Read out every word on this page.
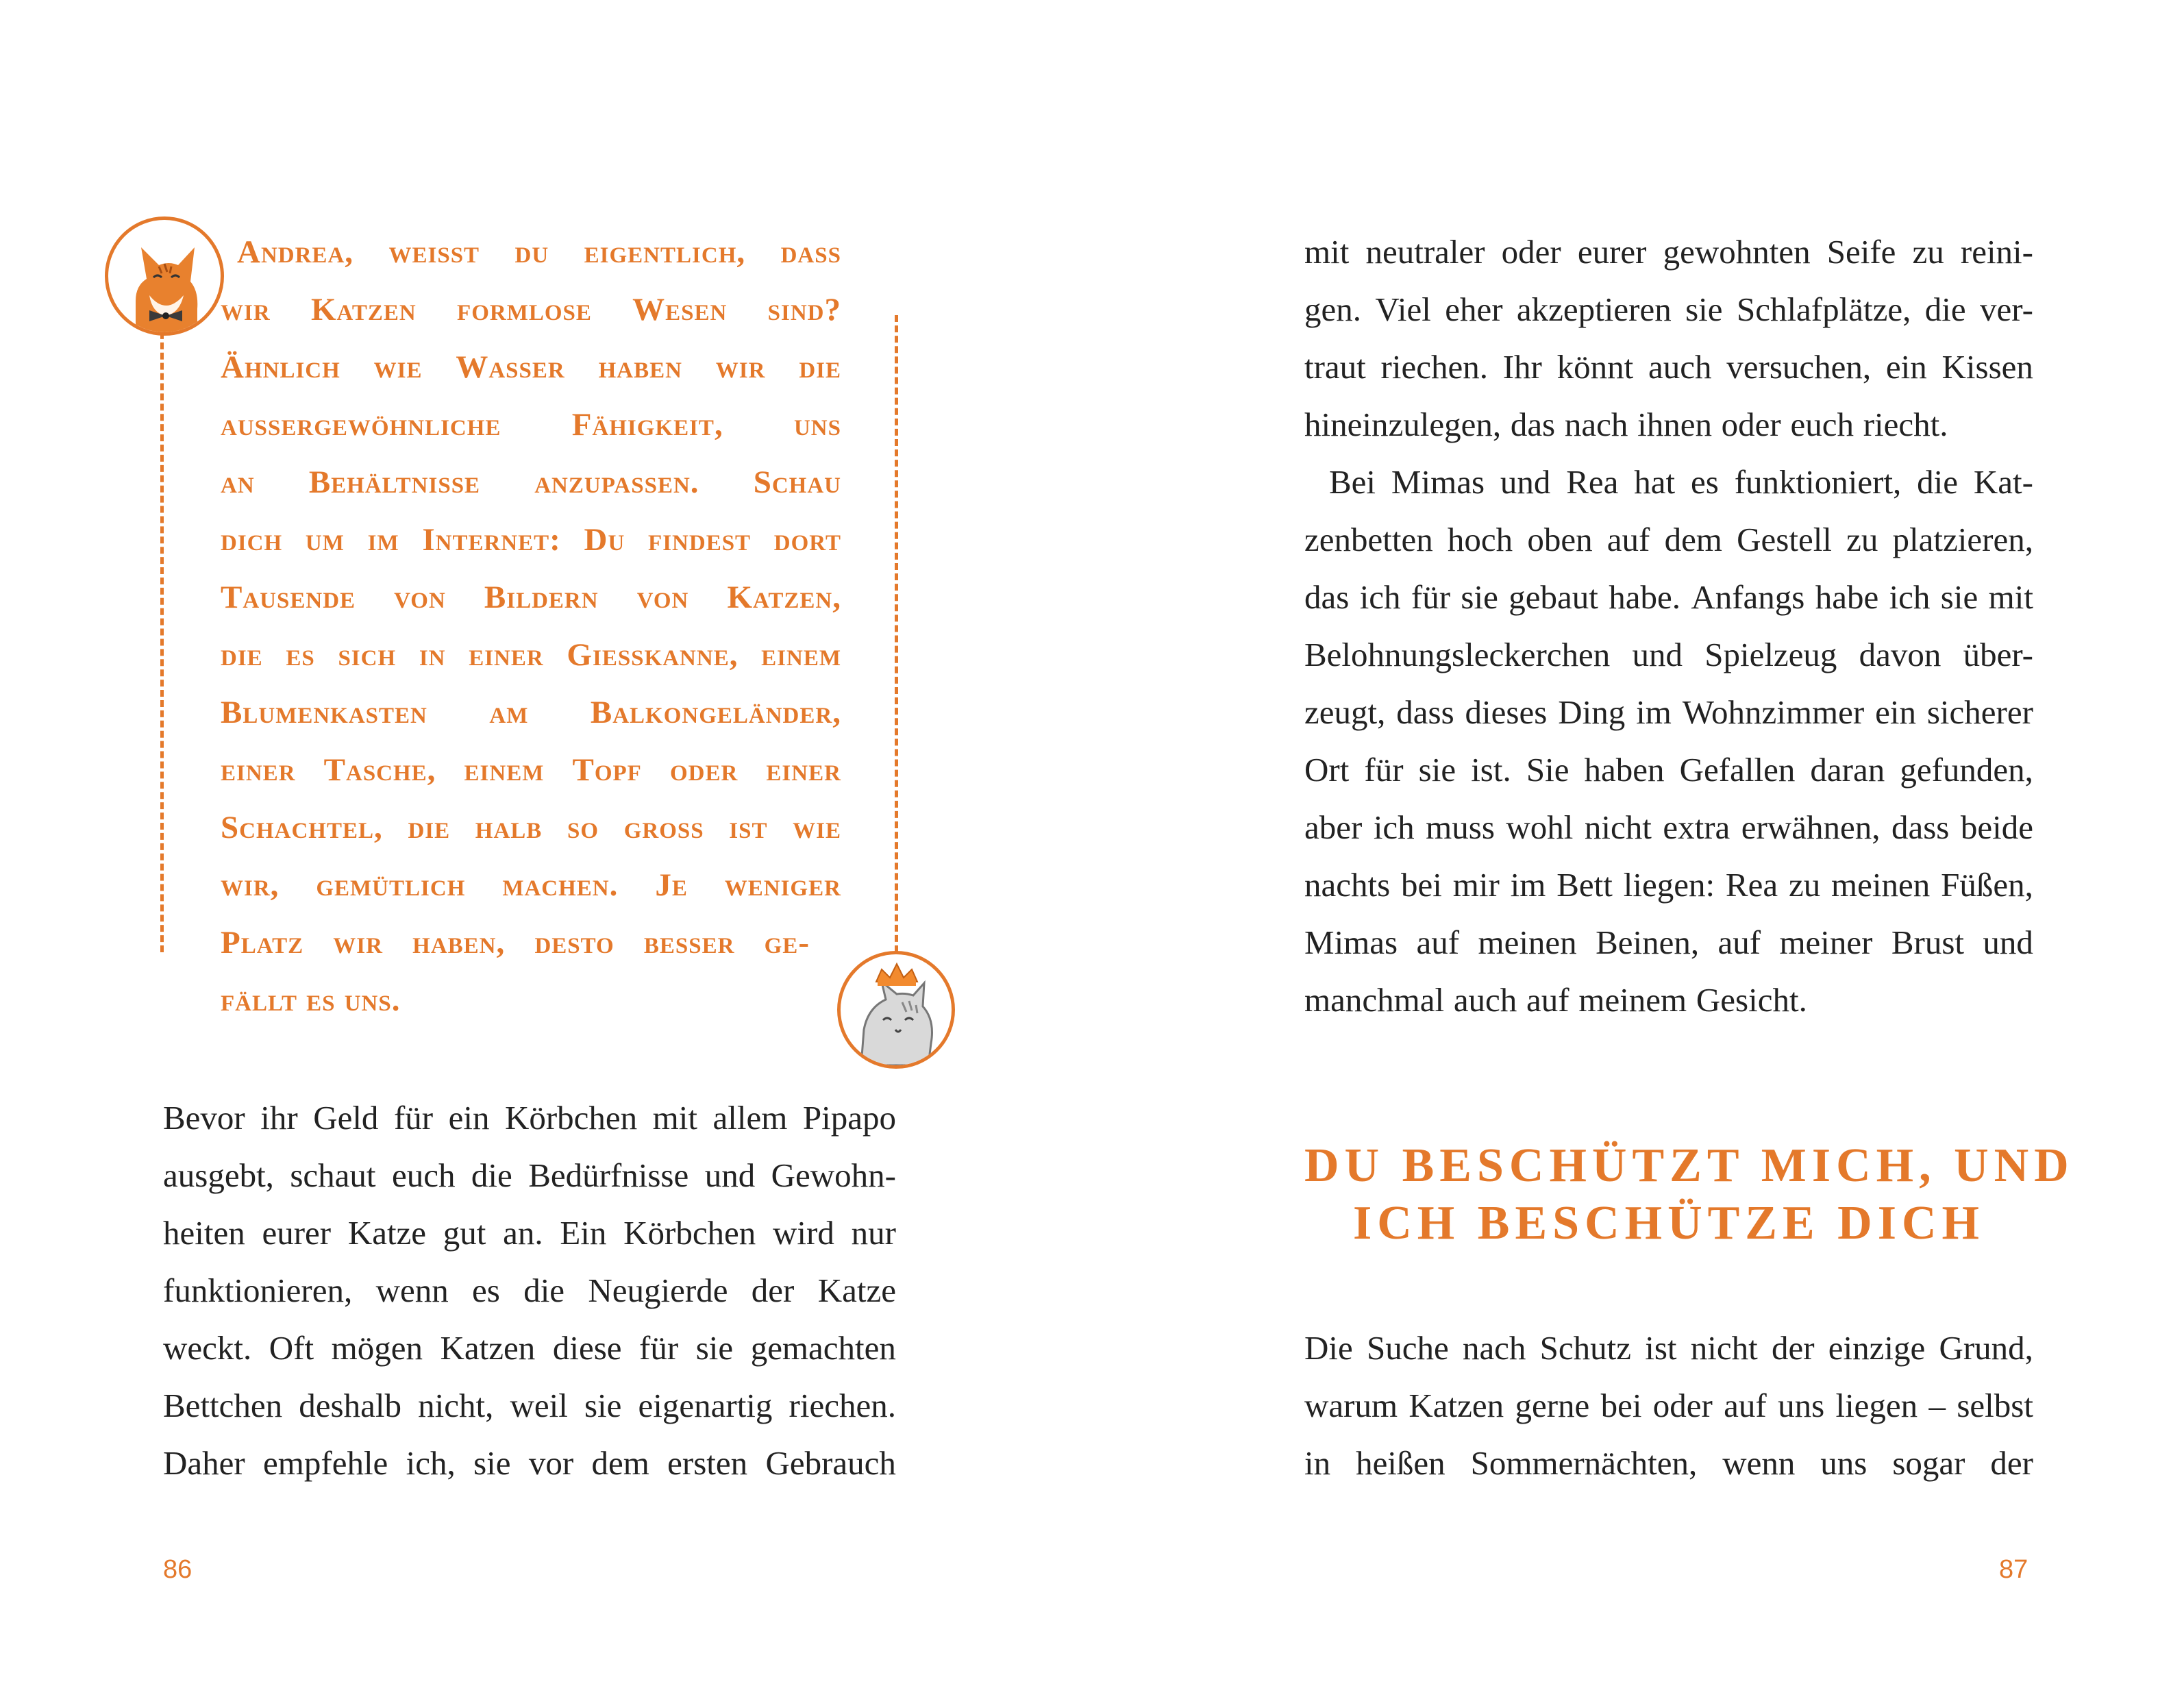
Andrea, weisst du eigentlich, dass
wir Katzen formlose Wesen sind?
Ähnlich wie Wasser haben wir die
aussergewöhnliche Fähigkeit, uns
an Behältnisse anzupassen. Schau
dich um im Internet: Du findest dort
Tausende von Bildern von Katzen,
die es sich in einer Giesskanne, einem
Blumenkasten am Balkongeländer,
einer Tasche, einem Topf oder einer
Schachtel, die halb so gross ist wie
wir, gemütlich machen. Je weniger
Platz wir haben, desto besser ge-
fällt es uns.
Bevor ihr Geld für ein Körbchen mit allem Pipapo
ausgebt, schaut euch die Bedürfnisse und Gewohn-
heiten eurer Katze gut an. Ein Körbchen wird nur
funktionieren, wenn es die Neugierde der Katze
weckt. Oft mögen Katzen diese für sie gemachten
Bettchen deshalb nicht, weil sie eigenartig riechen.
Daher empfehle ich, sie vor dem ersten Gebrauch
86
mit neutraler oder eurer gewohnten Seife zu reini-
gen. Viel eher akzeptieren sie Schlafplätze, die ver-
traut riechen. Ihr könnt auch versuchen, ein Kissen
hineinzulegen, das nach ihnen oder euch riecht.
Bei Mimas und Rea hat es funktioniert, die Kat-
zenbetten hoch oben auf dem Gestell zu platzieren,
das ich für sie gebaut habe. Anfangs habe ich sie mit
Belohnungsleckerchen und Spielzeug davon über-
zeugt, dass dieses Ding im Wohnzimmer ein sicherer
Ort für sie ist. Sie haben Gefallen daran gefunden,
aber ich muss wohl nicht extra erwähnen, dass beide
nachts bei mir im Bett liegen: Rea zu meinen Füßen,
Mimas auf meinen Beinen, auf meiner Brust und
manchmal auch auf meinem Gesicht.
DU BESCHÜTZT MICH, UND
ICH BESCHÜTZE DICH
Die Suche nach Schutz ist nicht der einzige Grund,
warum Katzen gerne bei oder auf uns liegen – selbst
in heißen Sommernächten, wenn uns sogar der
87
